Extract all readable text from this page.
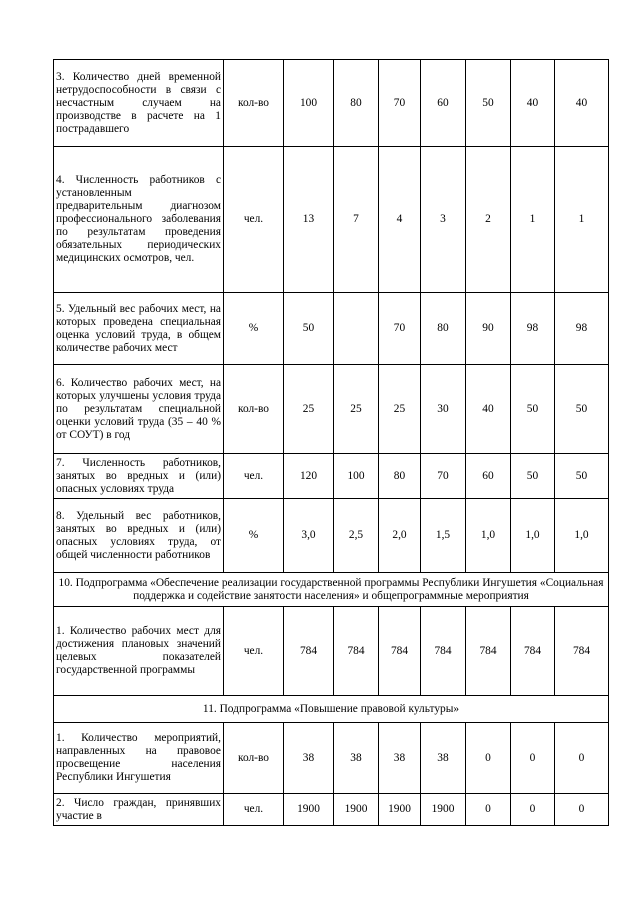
3. Количество дней временной нетрудоспособности в связи с несчастным случаем на производстве в расчете на 1 пострадавшего	кол-во	100	80	70	60	50	40	40
4. Численность работников с установленным предварительным диагнозом профессионального заболевания по результатам проведения обязательных периодических медицинских осмотров, чел.	чел.	13	7	4	3	2	1	1
5. Удельный вес рабочих мест, на которых проведена специальная оценка условий труда, в общем количестве рабочих мест	%	50		70	80	90	98	98
6. Количество рабочих мест, на которых улучшены условия труда по результатам специальной оценки условий труда (35 – 40 % от СОУТ) в год	кол-во	25	25	25	30	40	50	50
7. Численность работников, занятых во вредных и (или) опасных условиях труда	чел.	120	100	80	70	60	50	50
8. Удельный вес работников, занятых во вредных и (или) опасных условиях труда, от общей численности работников	%	3,0	2,5	2,0	1,5	1,0	1,0	1,0
10. Подпрограмма «Обеспечение реализации государственной программы Республики Ингушетия «Социальная поддержка и содействие занятости населения» и общепрограммные мероприятия								
1. Количество рабочих мест для достижения плановых значений целевых показателей государственной программы	чел.	784	784	784	784	784	784	784
11. Подпрограмма «Повышение правовой культуры»								
1. Количество мероприятий, направленных на правовое просвещение населения Республики Ингушетия	кол-во	38	38	38	38	0	0	0
2. Число граждан, принявших участие в	чел.	1900	1900	1900	1900	0	0	0
